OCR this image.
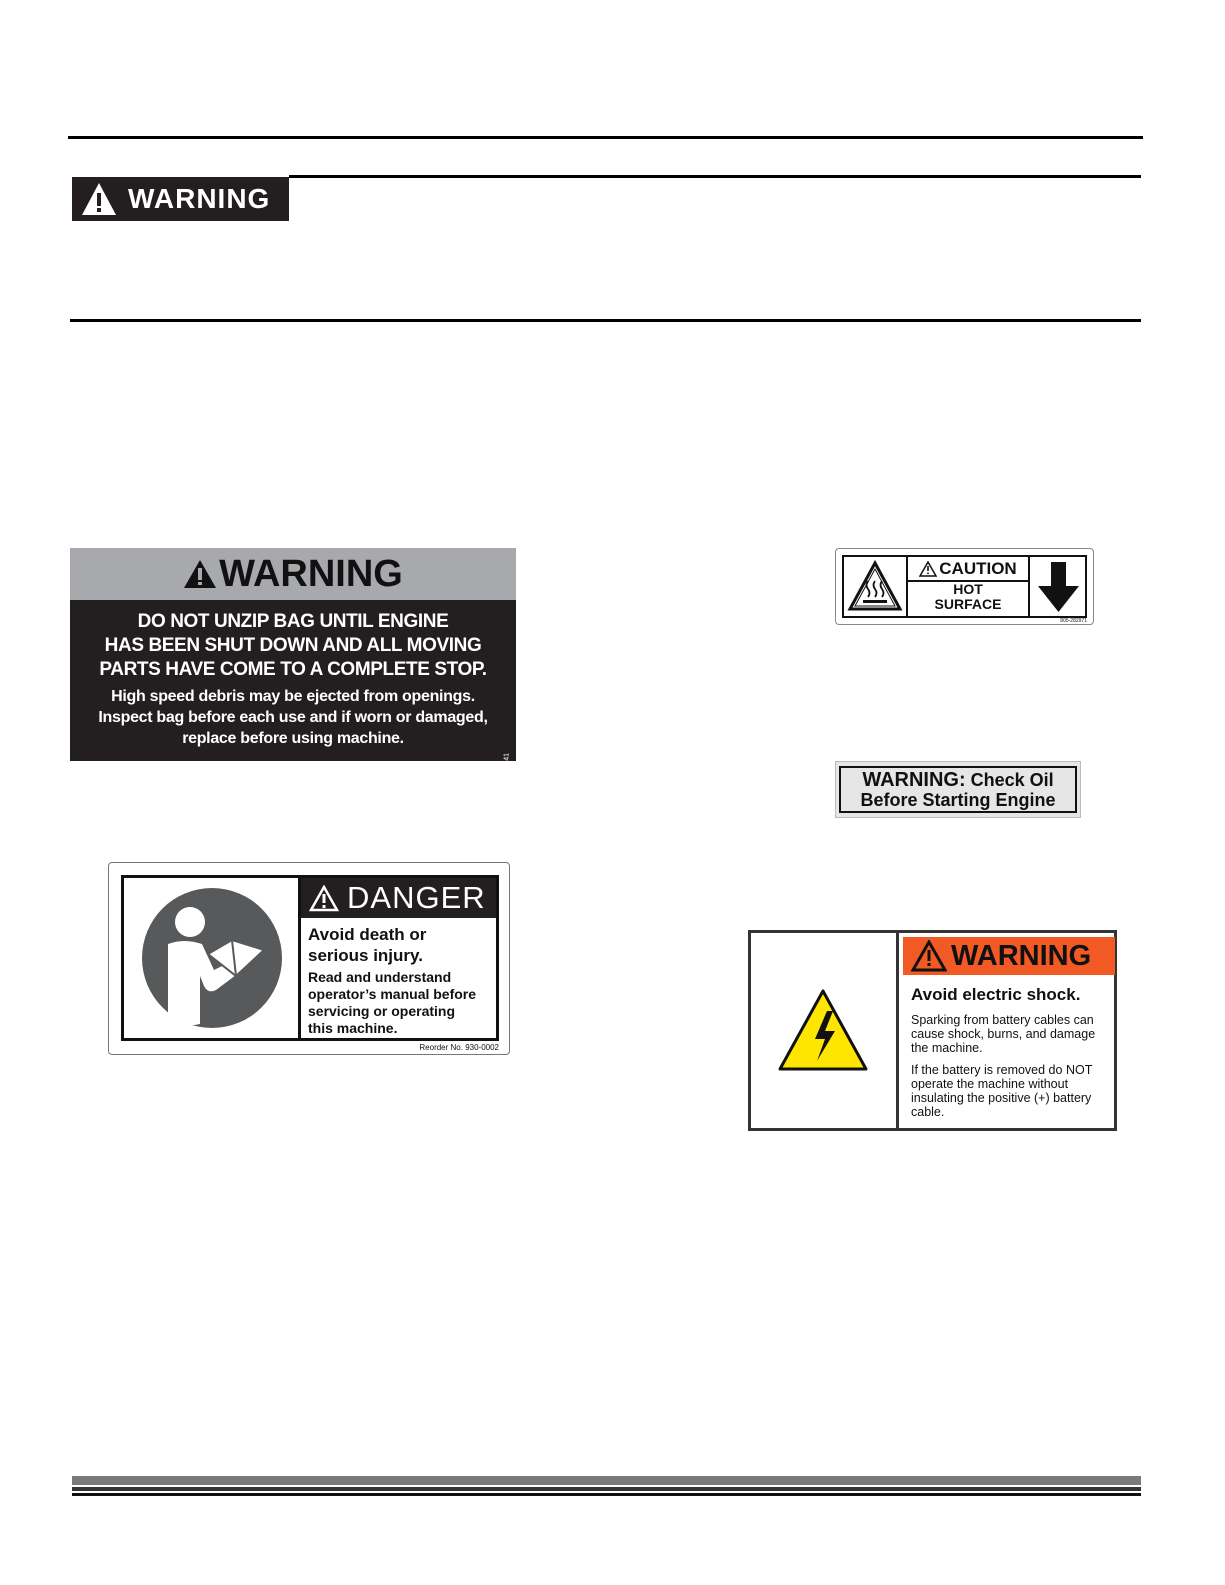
WARNING
WARNING
DO NOT UNZIP BAG UNTIL ENGINE
HAS BEEN SHUT DOWN AND ALL MOVING
PARTS HAVE COME TO A COMPLETE STOP.
High speed debris may be ejected from openings.
Inspect bag before each use and if worn or damaged,
replace before using machine.
282941
DANGER
Avoid death or
serious injury.
Read and understand
operator’s manual before
servicing or operating
this machine.
Reorder No. 930-0002
CAUTION
HOT
SURFACE
805-282971
WARNING: Check Oil
Before Starting Engine
WARNING
Avoid electric shock.
Sparking from battery cables can cause shock, burns, and damage the machine.
If the battery is removed do NOT operate the machine without insulating the positive (+) battery cable.
